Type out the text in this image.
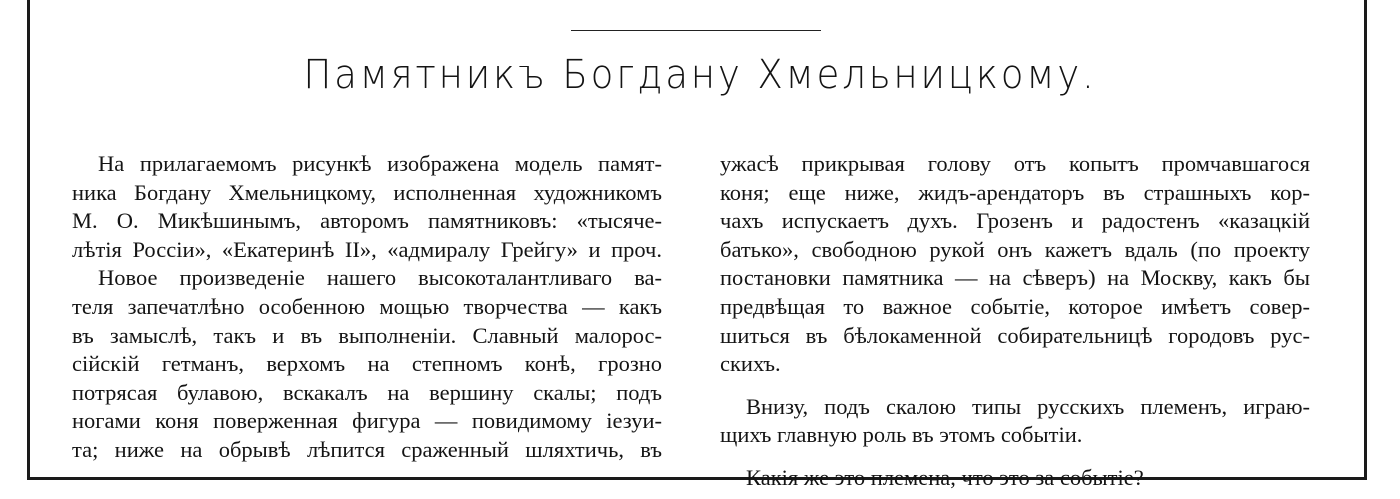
Памятникъ Богдану Хмельницкому.
На прилагаемомъ рисункѣ изображена модель памят-
ника Богдану Хмельницкому, исполненная художникомъ
М. О. Микѣшинымъ, авторомъ памятниковъ: «тысяче-
лѣтія Россіи», «Екатеринѣ II», «адмиралу Грейгу» и проч.
Новое произведеніе нашего высокоталантливаго ва-
теля запечатлѣно особенною мощью творчества — какъ
въ замыслѣ, такъ и въ выполненіи. Славный малорос-
сійскій гетманъ, верхомъ на степномъ конѣ, грозно
потрясая булавою, вскакалъ на вершину скалы; подъ
ногами коня поверженная фигура — повидимому іезуи-
та; ниже на обрывѣ лѣпится сраженный шляхтичь, въ
ужасѣ прикрывая голову отъ копытъ промчавшагося
коня; еще ниже, жидъ-арендаторъ въ страшныхъ кор-
чахъ испускаетъ духъ. Грозенъ и радостенъ «казацкій
батько», свободною рукой онъ кажетъ вдаль (по проекту
постановки памятника — на сѣверъ) на Москву, какъ бы
предвѣщая то важное событіе, которое имѣетъ совер-
шиться въ бѣлокаменной собирательницѣ городовъ рус-
скихъ.
Внизу, подъ скалою типы русскихъ племенъ, играю-
щихъ главную роль въ этомъ событіи.
Какія же это племена, что это за событіе?
